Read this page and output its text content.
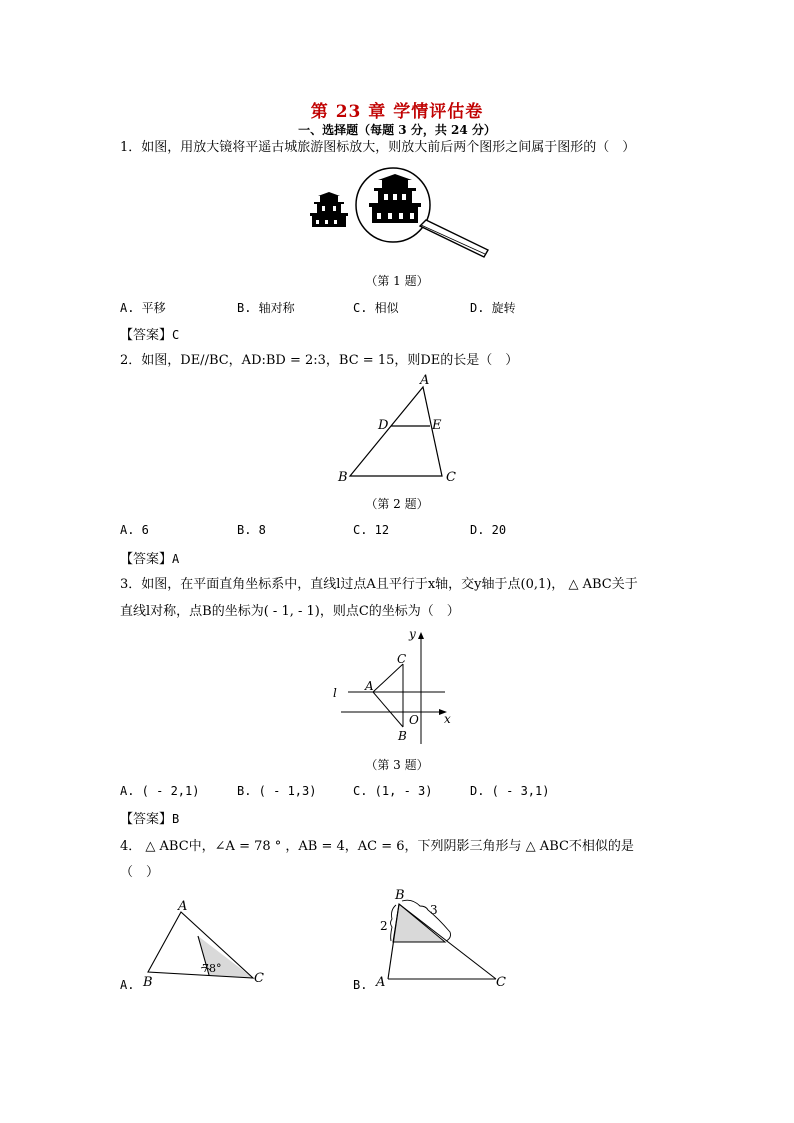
第 23 章 学情评估卷
一、选择题（每题 3 分，共 24 分）
1．如图，用放大镜将平遥古城旅游图标放大，则放大前后两个图形之间属于图形的（　）
（第 1 题）
A. 平移	B. 轴对称	C. 相似	D. 旋转
【答案】C
2．如图，DE//BC，AD:BD = 2:3，BC = 15，则DE的长是（　）
A
D	E
B	C
（第 2 题）
A. 6	B. 8	C. 12	D. 20
【答案】A
3．如图，在平面直角坐标系中，直线l过点A且平行于x轴，交y轴于点(0,1)， △ ABC关于
直线l对称，点B的坐标为( - 1, - 1)，则点C的坐标为（　）
y
x
l A
C
B
O
（第 3 题）
A. ( - 2,1)	B. ( - 1,3)	C. (1, - 3)	D. ( - 3,1)
【答案】B
4． △ ABC中，∠A = 78 ° ，AB = 4，AC = 6，下列阴影三角形与 △ ABC不相似的是
（　）
A.
A
B	C
78°
B.
B
A	C
2
3
